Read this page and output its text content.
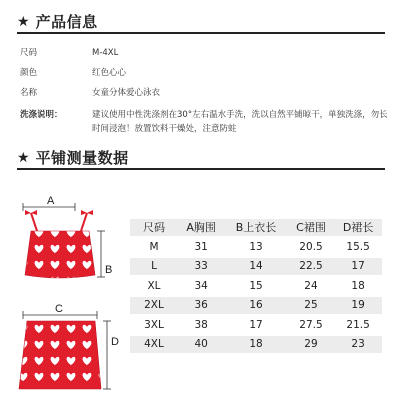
★ 产品信息
尺码	M-4XL
颜色	红色心心
名称	女童分体爱心泳衣
洗涤说明：	建议使用中性洗涤剂在30°左右温水手洗，洗以自然平铺晾干，单独洗涤，勿长时间浸泡！放置饮料干燥处，注意防蛀
★ 平铺测量数据
A
B
C
D
尺码	A胸围	B上衣长	C裙围	D裙长
M	31	13	20.5	15.5
L	33	14	22.5	17
XL	34	15	24	18
2XL	36	16	25	19
3XL	38	17	27.5	21.5
4XL	40	18	29	23
